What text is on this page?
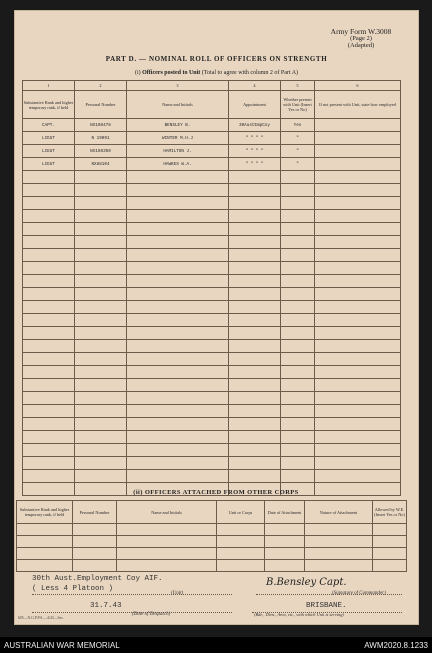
Army Form W.3008
(Page 2)
(Adapted)
PART D. — NOMINAL ROLL OF OFFICERS ON STRENGTH
(i) Officers posted to Unit (Total to agree with column 2 of Part A)
1	2	3	4	5	6
Substantive Rank and higher temporary rank, if held	Personal Number	Name and Initials	Appointment	Whether present with Unit (Insert Yes or No)	If not present with Unit, state how employed
CAPT.	NX108478	BENSLEY B.	30AustEmpCoy	Yes	
LIEUT	N 19091	WINTER M.H.J	" " " "	"	
LIEUT	NX150350	HAMILTON J.	" " " "	"	
LIEUT	NX88104	HAWKES W.A.	" " " "	"	

(ii) OFFICERS ATTACHED FROM OTHER CORPS
Substantive Rank and higher temporary rank, if held	Personal Number	Name and Initials	Unit or Corps	Date of Attachment	Nature of Attachment	Allowed by W.E. (Insert Yes or No)

30th Aust.Employment Coy AIF.
( Less 4 Platoon )
(Unit)
B.Bensley Capt.
(Signature of Commander)
31.7.43
(Date of Despatch)
BRISBANE.
(Bde., Divn., Area, etc., with which Unit is serving)
605—N.G.P.P.S.—4/43—Sec.
AUSTRALIAN WAR MEMORIAL	AWM2020.8.1233
